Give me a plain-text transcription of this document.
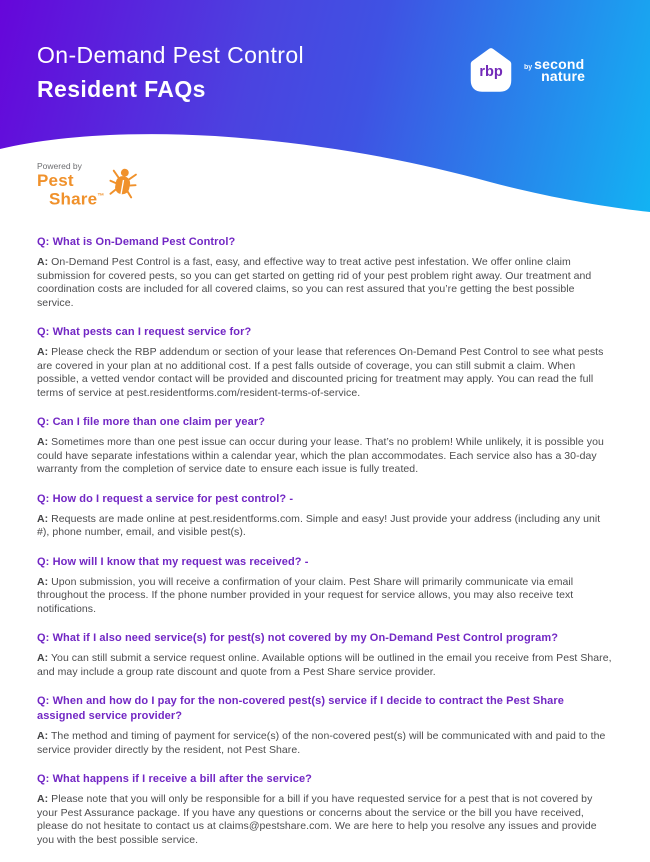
On-Demand Pest Control
Resident FAQs
rbp	by second
nature
Powered by
Pest
Share™
Q: What is On-Demand Pest Control?

A: On-Demand Pest Control is a fast, easy, and effective way to treat active pest infestation. We offer online claim submission for covered pests, so you can get started on getting rid of your pest problem right away. Our treatment and coordination costs are included for all covered claims, so you can rest assured that you’re getting the best possible service.

Q: What pests can I request service for?

A: Please check the RBP addendum or section of your lease that references On-Demand Pest Control to see what pests are covered in your plan at no additional cost. If a pest falls outside of coverage, you can still submit a claim. When possible, a vetted vendor contact will be provided and discounted pricing for treatment may apply. You can read the full terms of service at pest.residentforms.com/resident-terms-of-service.

Q: Can I file more than one claim per year?

A: Sometimes more than one pest issue can occur during your lease. That’s no problem! While unlikely, it is possible you could have separate infestations within a calendar year, which the plan accommodates. Each service also has a 30-day warranty from the completion of service date to ensure each issue is fully treated.

Q: How do I request a service for pest control? -

A: Requests are made online at pest.residentforms.com. Simple and easy! Just provide your address (including any unit #), phone number, email, and visible pest(s).

Q: How will I know that my request was received? -

A: Upon submission, you will receive a confirmation of your claim. Pest Share will primarily communicate via email throughout the process. If the phone number provided in your request for service allows, you may also receive text notifications.

Q: What if I also need service(s) for pest(s) not covered by my On-Demand Pest Control program?

A: You can still submit a service request online. Available options will be outlined in the email you receive from Pest Share, and may include a group rate discount and quote from a Pest Share service provider.

Q: When and how do I pay for the non-covered pest(s) service if I decide to contract the Pest Share assigned service provider?

A: The method and timing of payment for service(s) of the non-covered pest(s) will be communicated with and paid to the service provider directly by the resident, not Pest Share.

Q: What happens if I receive a bill after the service?

A: Please note that you will only be responsible for a bill if you have requested service for a pest that is not covered by your Pest Assurance package. If you have any questions or concerns about the service or the bill you have received, please do not hesitate to contact us at claims@pestshare.com. We are here to help you resolve any issues and provide you with the best possible service.
